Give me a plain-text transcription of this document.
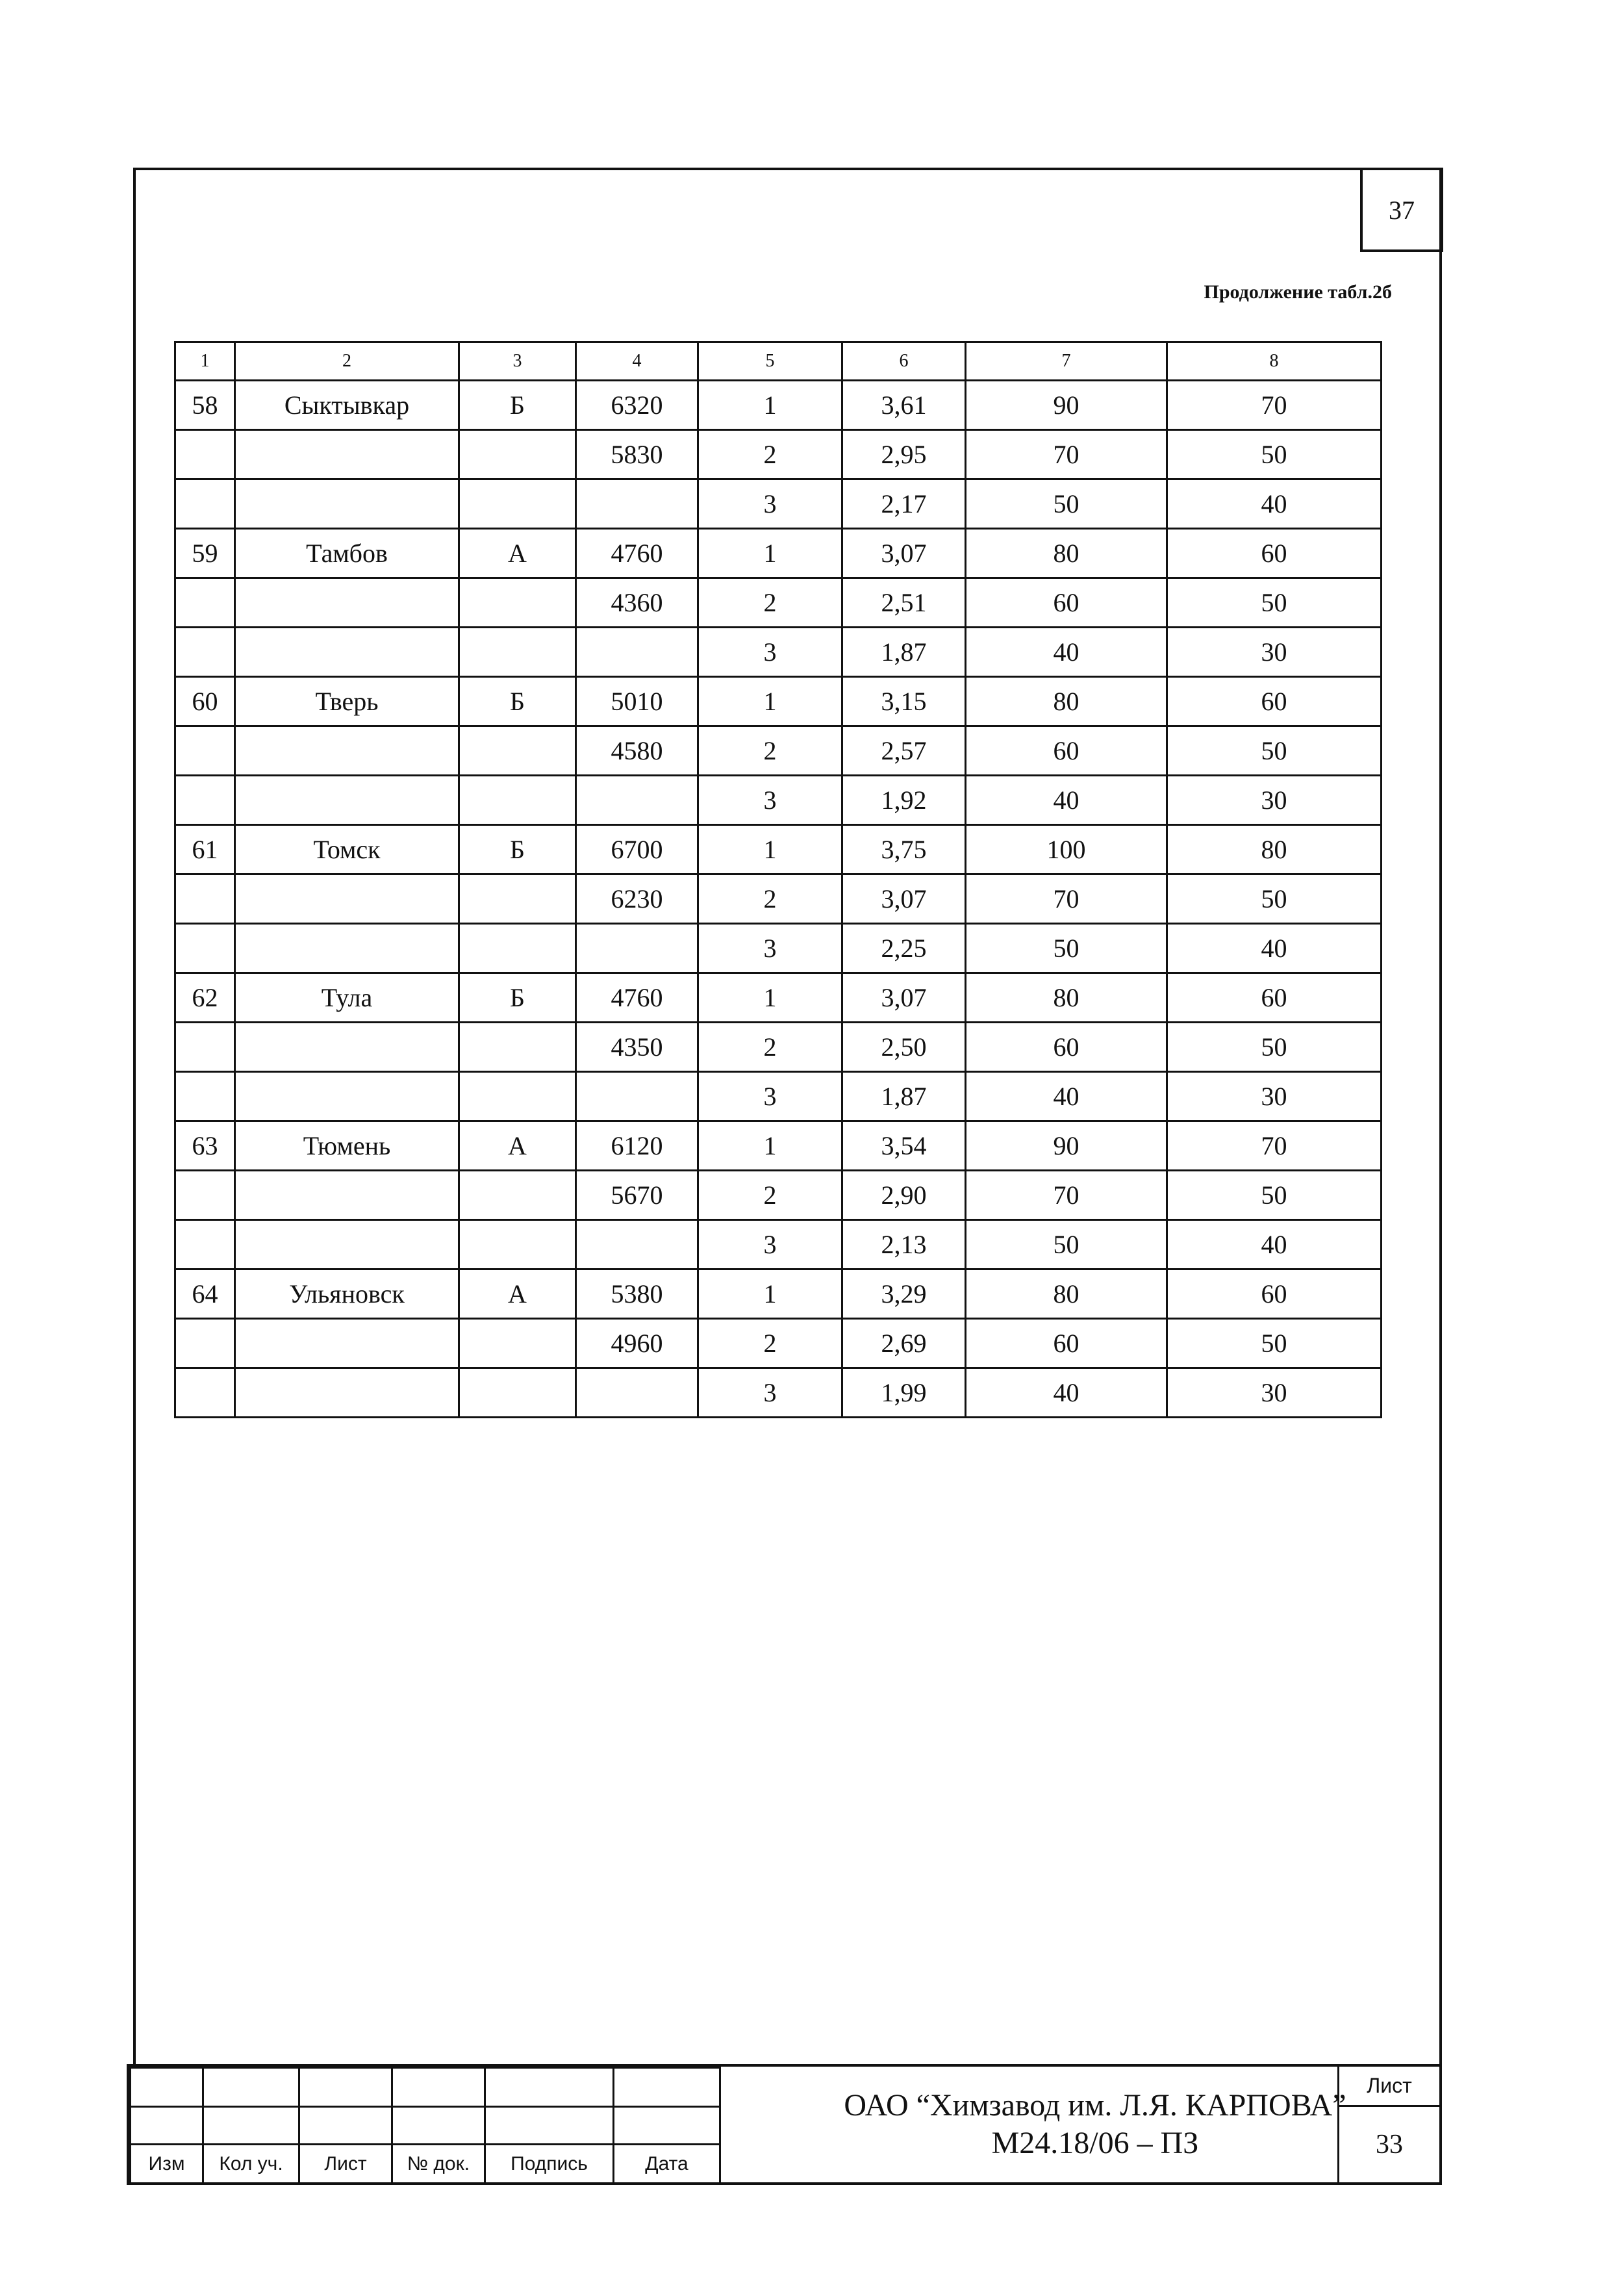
37
Продолжение табл.2б
1	2	3	4	5	6	7	8
58	Сыктывкар	Б	6320	1	3,61	90	70
			5830	2	2,95	70	50
				3	2,17	50	40
59	Тамбов	А	4760	1	3,07	80	60
			4360	2	2,51	60	50
				3	1,87	40	30
60	Тверь	Б	5010	1	3,15	80	60
			4580	2	2,57	60	50
				3	1,92	40	30
61	Томск	Б	6700	1	3,75	100	80
			6230	2	3,07	70	50
				3	2,25	50	40
62	Тула	Б	4760	1	3,07	80	60
			4350	2	2,50	60	50
				3	1,87	40	30
63	Тюмень	А	6120	1	3,54	90	70
			5670	2	2,90	70	50
				3	2,13	50	40
64	Ульяновск	А	5380	1	3,29	80	60
			4960	2	2,69	60	50
				3	1,99	40	30

Изм	Кол уч.	Лист	№ док.	Подпись	Дата
ОАО “Химзавод им. Л.Я. КАРПОВА”
М24.18/06 – ПЗ
Лист
33
